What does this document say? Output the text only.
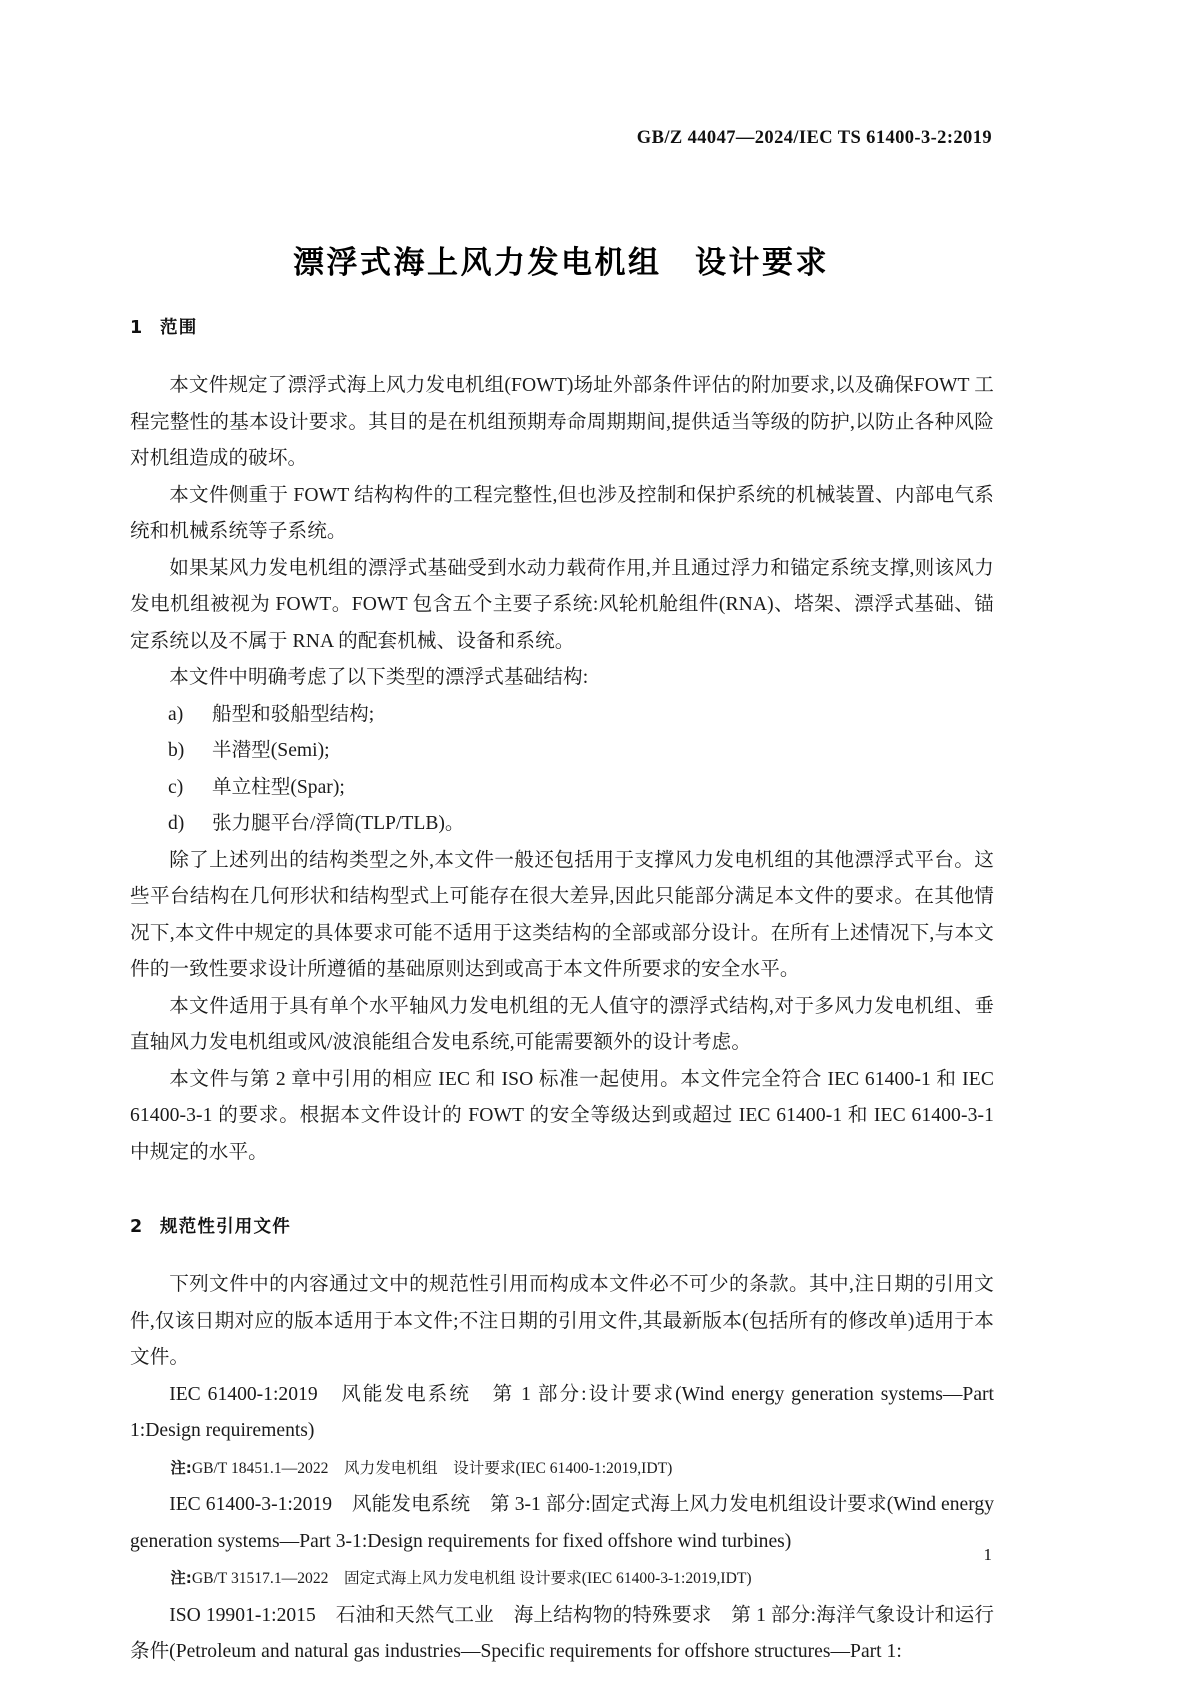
GB/Z 44047—2024/IEC TS 61400-3-2:2019
漂浮式海上风力发电机组　设计要求
1 范围

本文件规定了漂浮式海上风力发电机组(FOWT)场址外部条件评估的附加要求,以及确保FOWT 工程完整性的基本设计要求。其目的是在机组预期寿命周期期间,提供适当等级的防护,以防止各种风险对机组造成的破坏。

本文件侧重于 FOWT 结构构件的工程完整性,但也涉及控制和保护系统的机械装置、内部电气系统和机械系统等子系统。

如果某风力发电机组的漂浮式基础受到水动力载荷作用,并且通过浮力和锚定系统支撑,则该风力发电机组被视为 FOWT。FOWT 包含五个主要子系统:风轮机舱组件(RNA)、塔架、漂浮式基础、锚定系统以及不属于 RNA 的配套机械、设备和系统。

本文件中明确考虑了以下类型的漂浮式基础结构:

a) 船型和驳船型结构;
b) 半潜型(Semi);
c) 单立柱型(Spar);
d) 张力腿平台/浮筒(TLP/TLB)。

除了上述列出的结构类型之外,本文件一般还包括用于支撑风力发电机组的其他漂浮式平台。这些平台结构在几何形状和结构型式上可能存在很大差异,因此只能部分满足本文件的要求。在其他情况下,本文件中规定的具体要求可能不适用于这类结构的全部或部分设计。在所有上述情况下,与本文件的一致性要求设计所遵循的基础原则达到或高于本文件所要求的安全水平。

本文件适用于具有单个水平轴风力发电机组的无人值守的漂浮式结构,对于多风力发电机组、垂直轴风力发电机组或风/波浪能组合发电系统,可能需要额外的设计考虑。

本文件与第 2 章中引用的相应 IEC 和 ISO 标准一起使用。本文件完全符合 IEC 61400-1 和 IEC 61400-3-1 的要求。根据本文件设计的 FOWT 的安全等级达到或超过 IEC 61400-1 和 IEC 61400-3-1 中规定的水平。

2 规范性引用文件

下列文件中的内容通过文中的规范性引用而构成本文件必不可少的条款。其中,注日期的引用文件,仅该日期对应的版本适用于本文件;不注日期的引用文件,其最新版本(包括所有的修改单)适用于本文件。

IEC 61400-1:2019　风能发电系统　第 1 部分:设计要求(Wind energy generation systems—Part 1:Design requirements)

注:GB/T 18451.1—2022　风力发电机组　设计要求(IEC 61400-1:2019,IDT)

IEC 61400-3-1:2019　风能发电系统　第 3-1 部分:固定式海上风力发电机组设计要求(Wind energy generation systems—Part 3-1:Design requirements for fixed offshore wind turbines)

注:GB/T 31517.1—2022　固定式海上风力发电机组 设计要求(IEC 61400-3-1:2019,IDT)

ISO 19901-1:2015　石油和天然气工业　海上结构物的特殊要求　第 1 部分:海洋气象设计和运行条件(Petroleum and natural gas industries—Specific requirements for offshore structures—Part 1:

1
